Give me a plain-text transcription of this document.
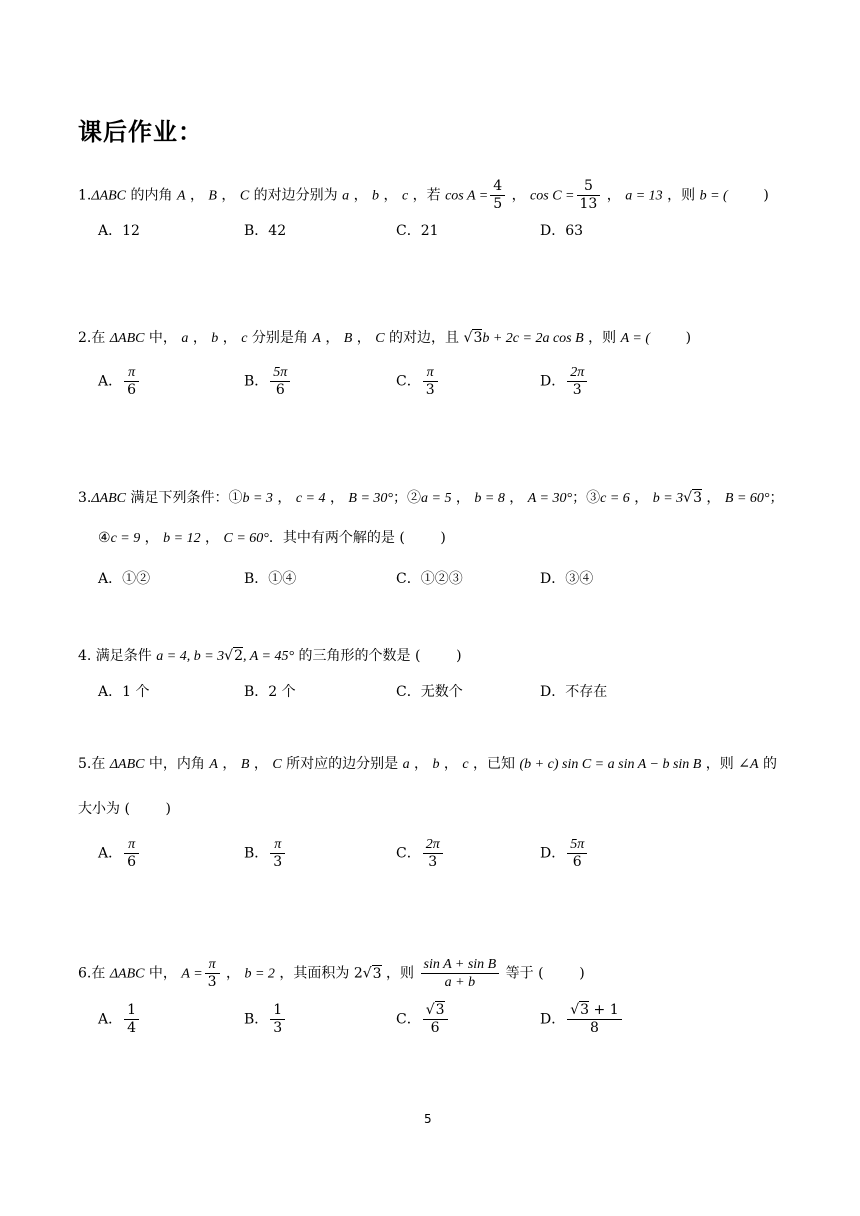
课后作业：
1.ΔABC 的内角 A ， B ， C 的对边分别为 a ， b ， c ，若 $\cos A = \frac{4}{5}$ ， $\cos C = \frac{5}{13}$ ， a = 13 ，则 b = (	)
A．12	B．42	C．21	D．63
2.在 ΔABC 中， a ， b ， c 分别是角 A ， B ， C 的对边，且 √3b + 2c = 2a cos B ，则 A = (	)
A． $\frac{\pi}{6}$	B． $\frac{5\pi}{6}$	C． $\frac{\pi}{3}$	D． $\frac{2\pi}{3}$
3.ΔABC 满足下列条件：①b = 3 ， c = 4 ， B = 30°；②a = 5 ， b = 8 ， A = 30°；③c = 6 ， b = 3√3 ， B = 60°；
④c = 9 ， b = 12 ， C = 60°．其中有两个解的是 (	)
A．①②	B．①④	C．①②③	D．③④
4. 满足条件 a = 4, b = 3√2, A = 45° 的三角形的个数是 (	)
A．1 个	B．2 个	C．无数个	D．不存在
5.在 ΔABC 中，内角 A ， B ， C 所对应的边分别是 a ， b ， c ，已知 (b + c) sin C = a sin A − b sin B ，则 ∠A 的
大小为 (	)
A． $\frac{\pi}{6}$	B． $\frac{\pi}{3}$	C． $\frac{2\pi}{3}$	D． $\frac{5\pi}{6}$
6.在 ΔABC 中， $A = \frac{\pi}{3}$ ， b = 2 ，其面积为 2√3 ，则 $\frac{\text{sin A + sin B}}{a + b}$ 等于 (	)
A． $\frac{1}{4}$	B． $\frac{1}{3}$	C． $\frac{√3}{6}$	D． $\frac{√3 + 1}{8}$
5
